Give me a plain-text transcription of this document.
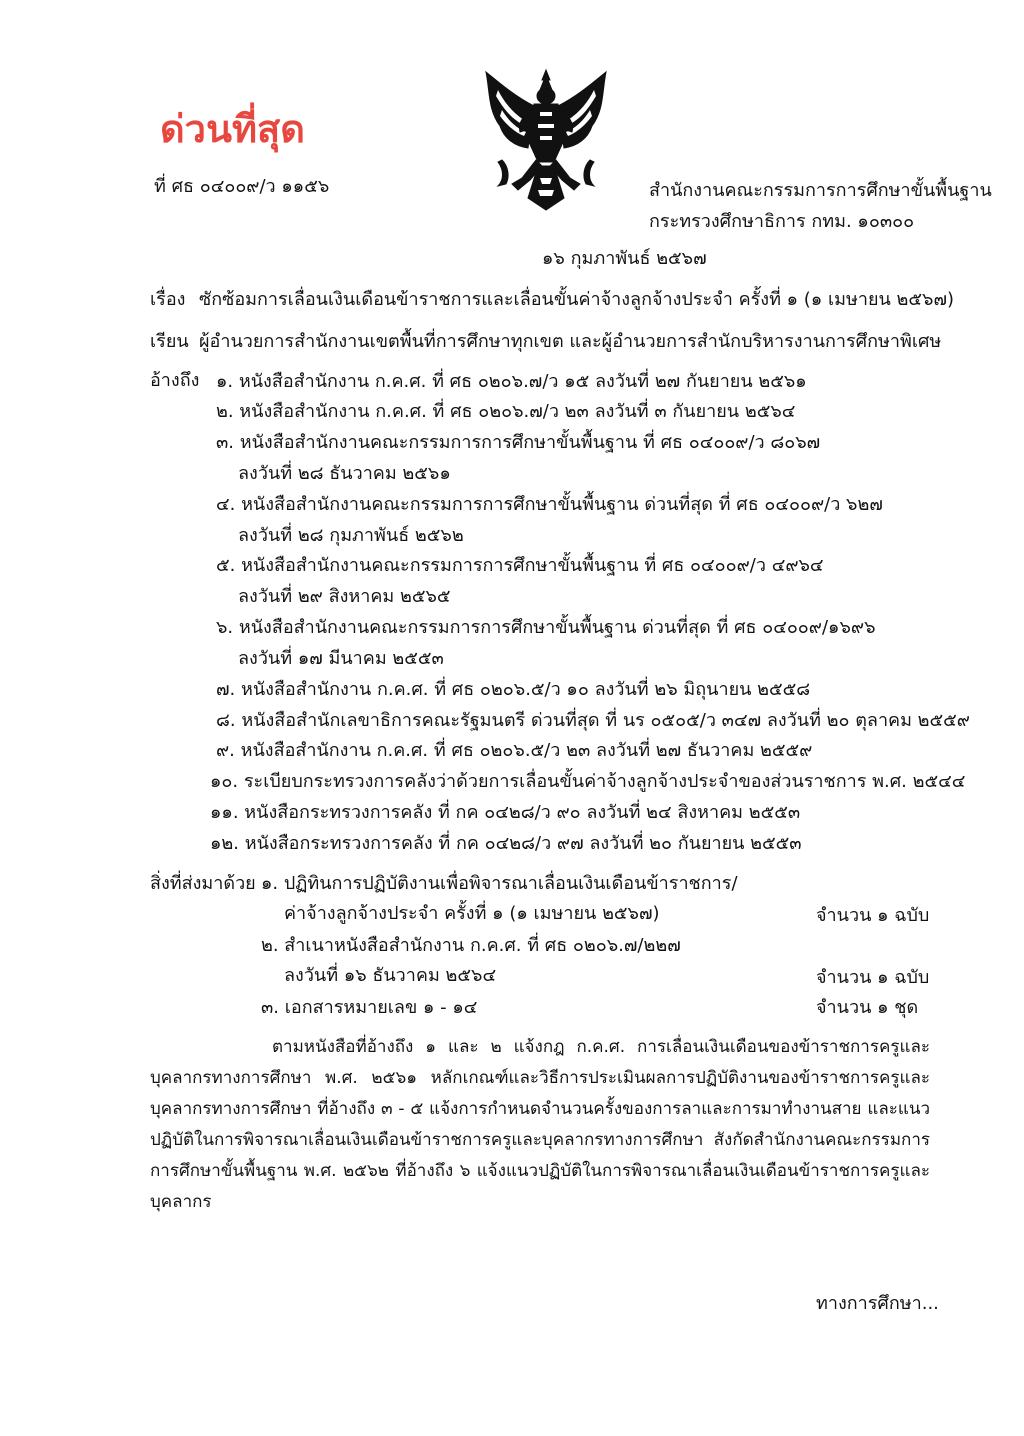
ด่วนที่สุด
ที่ ศธ ๐๔๐๐๙/ว ๑๑๕๖	สำนักงานคณะกรรมการการศึกษาขั้นพื้นฐาน
กระทรวงศึกษาธิการ กทม. ๑๐๓๐๐
๑๖ กุมภาพันธ์ ๒๕๖๗
เรื่อง ซักซ้อมการเลื่อนเงินเดือนข้าราชการและเลื่อนขั้นค่าจ้างลูกจ้างประจำ ครั้งที่ ๑ (๑ เมษายน ๒๕๖๗)
เรียน ผู้อำนวยการสำนักงานเขตพื้นที่การศึกษาทุกเขต และผู้อำนวยการสำนักบริหารงานการศึกษาพิเศษ
อ้างถึง ๑. หนังสือสำนักงาน ก.ค.ศ. ที่ ศธ ๐๒๐๖.๗/ว ๑๕ ลงวันที่ ๒๗ กันยายน ๒๕๖๑
๒. หนังสือสำนักงาน ก.ค.ศ. ที่ ศธ ๐๒๐๖.๗/ว ๒๓ ลงวันที่ ๓ กันยายน ๒๕๖๔
๓. หนังสือสำนักงานคณะกรรมการการศึกษาขั้นพื้นฐาน ที่ ศธ ๐๔๐๐๙/ว ๘๐๖๗
ลงวันที่ ๒๘ ธันวาคม ๒๕๖๑
๔. หนังสือสำนักงานคณะกรรมการการศึกษาขั้นพื้นฐาน ด่วนที่สุด ที่ ศธ ๐๔๐๐๙/ว ๖๒๗
ลงวันที่ ๒๘ กุมภาพันธ์ ๒๕๖๒
๕. หนังสือสำนักงานคณะกรรมการการศึกษาขั้นพื้นฐาน ที่ ศธ ๐๔๐๐๙/ว ๔๙๖๔
ลงวันที่ ๒๙ สิงหาคม ๒๕๖๕
๖. หนังสือสำนักงานคณะกรรมการการศึกษาขั้นพื้นฐาน ด่วนที่สุด ที่ ศธ ๐๔๐๐๙/๑๖๙๖
ลงวันที่ ๑๗ มีนาคม ๒๕๕๓
๗. หนังสือสำนักงาน ก.ค.ศ. ที่ ศธ ๐๒๐๖.๕/ว ๑๐ ลงวันที่ ๒๖ มิถุนายน ๒๕๕๘
๘. หนังสือสำนักเลขาธิการคณะรัฐมนตรี ด่วนที่สุด ที่ นร ๐๕๐๕/ว ๓๔๗ ลงวันที่ ๒๐ ตุลาคม ๒๕๕๙
๙. หนังสือสำนักงาน ก.ค.ศ. ที่ ศธ ๐๒๐๖.๕/ว ๒๓ ลงวันที่ ๒๗ ธันวาคม ๒๕๕๙
๑๐. ระเบียบกระทรวงการคลังว่าด้วยการเลื่อนขั้นค่าจ้างลูกจ้างประจำของส่วนราชการ พ.ศ. ๒๕๔๔
๑๑. หนังสือกระทรวงการคลัง ที่ กค ๐๔๒๘/ว ๙๐ ลงวันที่ ๒๔ สิงหาคม ๒๕๕๓
๑๒. หนังสือกระทรวงการคลัง ที่ กค ๐๔๒๘/ว ๙๗ ลงวันที่ ๒๐ กันยายน ๒๕๕๓
สิ่งที่ส่งมาด้วย ๑. ปฏิทินการปฏิบัติงานเพื่อพิจารณาเลื่อนเงินเดือนข้าราชการ/
ค่าจ้างลูกจ้างประจำ ครั้งที่ ๑ (๑ เมษายน ๒๕๖๗)	จำนวน ๑ ฉบับ
๒. สำเนาหนังสือสำนักงาน ก.ค.ศ. ที่ ศธ ๐๒๐๖.๗/๒๒๗
ลงวันที่ ๑๖ ธันวาคม ๒๕๖๔	จำนวน ๑ ฉบับ
๓. เอกสารหมายเลข ๑ - ๑๔	จำนวน ๑ ชุด

ตามหนังสือที่อ้างถึง ๑ และ ๒ แจ้งกฎ ก.ค.ศ. การเลื่อนเงินเดือนของข้าราชการครูและบุคลากรทางการศึกษา พ.ศ. ๒๕๖๑ หลักเกณฑ์และวิธีการประเมินผลการปฏิบัติงานของข้าราชการครูและบุคลากรทางการศึกษา ที่อ้างถึง ๓ - ๕ แจ้งการกำหนดจำนวนครั้งของการลาและการมาทำงานสาย และแนวปฏิบัติในการพิจารณาเลื่อนเงินเดือนข้าราชการครูและบุคลากรทางการศึกษา สังกัดสำนักงานคณะกรรมการการศึกษาขั้นพื้นฐาน พ.ศ. ๒๕๖๒ ที่อ้างถึง ๖ แจ้งแนวปฏิบัติในการพิจารณาเลื่อนเงินเดือนข้าราชการครูและบุคลากร

ทางการศึกษา...
